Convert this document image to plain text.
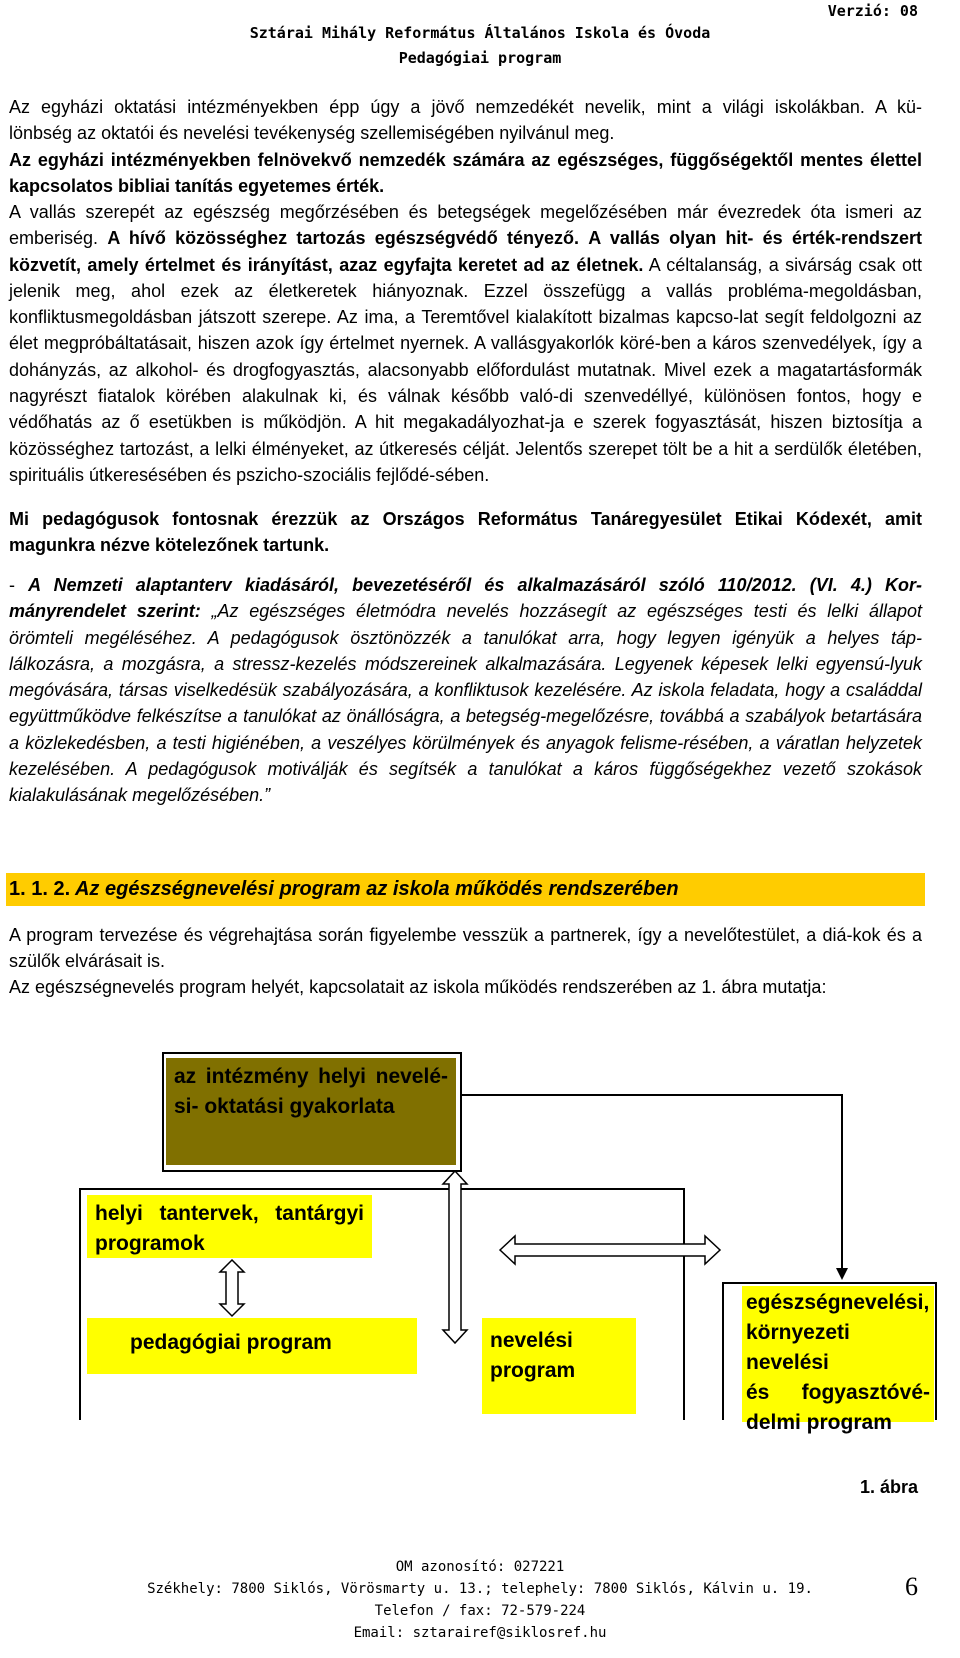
Verzió: 08
Sztárai Mihály Református Általános Iskola és Óvoda
Pedagógiai program
Az egyházi oktatási intézményekben épp úgy a jövő nemzedékét nevelik, mint a világi iskolákban. A kü-
lönbség az oktatói és nevelési tevékenység szellemiségében nyilvánul meg.
Az egyházi intézményekben felnövekvő nemzedék számára az egészséges, függőségektől mentes élettel kapcsolatos bibliai tanítás egyetemes érték.
A vallás szerepét az egészség megőrzésében és betegségek megelőzésében már évezredek óta ismeri az emberiség. A hívő közösséghez tartozás egészségvédő tényező. A vallás olyan hit- és érték-rendszert közvetít, amely értelmet és irányítást, azaz egyfajta keretet ad az életnek. A céltalanság, a sivárság csak ott jelenik meg, ahol ezek az életkeretek hiányoznak. Ezzel összefügg a vallás probléma-megoldásban, konfliktusmegoldásban játszott szerepe. Az ima, a Teremtővel kialakított bizalmas kapcso-lat segít feldolgozni az élet megpróbáltatásait, hiszen azok így értelmet nyernek. A vallásgyakorlók köré-ben a káros szenvedélyek, így a dohányzás, az alkohol- és drogfogyasztás, alacsonyabb előfordulást mutatnak. Mivel ezek a magatartásformák nagyrészt fiatalok körében alakulnak ki, és válnak később való-di szenvedéllyé, különösen fontos, hogy e védőhatás az ő esetükben is működjön. A hit megakadályozhat-ja e szerek fogyasztását, hiszen biztosítja a közösséghez tartozást, a lelki élményeket, az útkeresés célját. Jelentős szerepet tölt be a hit a serdülők életében, spirituális útkeresésében és pszicho-szociális fejlődé-sében.
Mi pedagógusok fontosnak érezzük az Országos Református Tanáregyesület Etikai Kódexét, amit magunkra nézve kötelezőnek tartunk.
- A Nemzeti alaptanterv kiadásáról, bevezetéséről és alkalmazásáról szóló 110/2012. (VI. 4.) Kor-mányrendelet szerint: „Az egészséges életmódra nevelés hozzásegít az egészséges testi és lelki állapot örömteli megéléséhez. A pedagógusok ösztönözzék a tanulókat arra, hogy legyen igényük a helyes táp-lálkozásra, a mozgásra, a stressz-kezelés módszereinek alkalmazására. Legyenek képesek lelki egyensú-lyuk megóvására, társas viselkedésük szabályozására, a konfliktusok kezelésére. Az iskola feladata, hogy a családdal együttműködve felkészítse a tanulókat az önállóságra, a betegség-megelőzésre, továbbá a szabályok betartására a közlekedésben, a testi higiénében, a veszélyes körülmények és anyagok felisme-résében, a váratlan helyzetek kezelésében. A pedagógusok motiválják és segítsék a tanulókat a káros függőségekhez vezető szokások kialakulásának megelőzésében.”
1. 1. 2. Az egészségnevelési program az iskola működés rendszerében
A program tervezése és végrehajtása során figyelembe vesszük a partnerek, így a nevelőtestület, a diá-kok és a szülők elvárásait is.
Az egészségnevelés program helyét, kapcsolatait az iskola működés rendszerében az 1. ábra mutatja:
az intézmény helyi nevelé-
si- oktatási gyakorlata
helyi tantervek, tantárgyi
programok
pedagógiai program	nevelési
program
egészségnevelési,
környezeti nevelési
és fogyasztóvé-
delmi program
1. ábra
OM azonosító: 027221
Székhely: 7800 Siklós, Vörösmarty u. 13.; telephely: 7800 Siklós, Kálvin u. 19.
Telefon / fax: 72-579-224
Email: sztarairef@siklosref.hu
6
